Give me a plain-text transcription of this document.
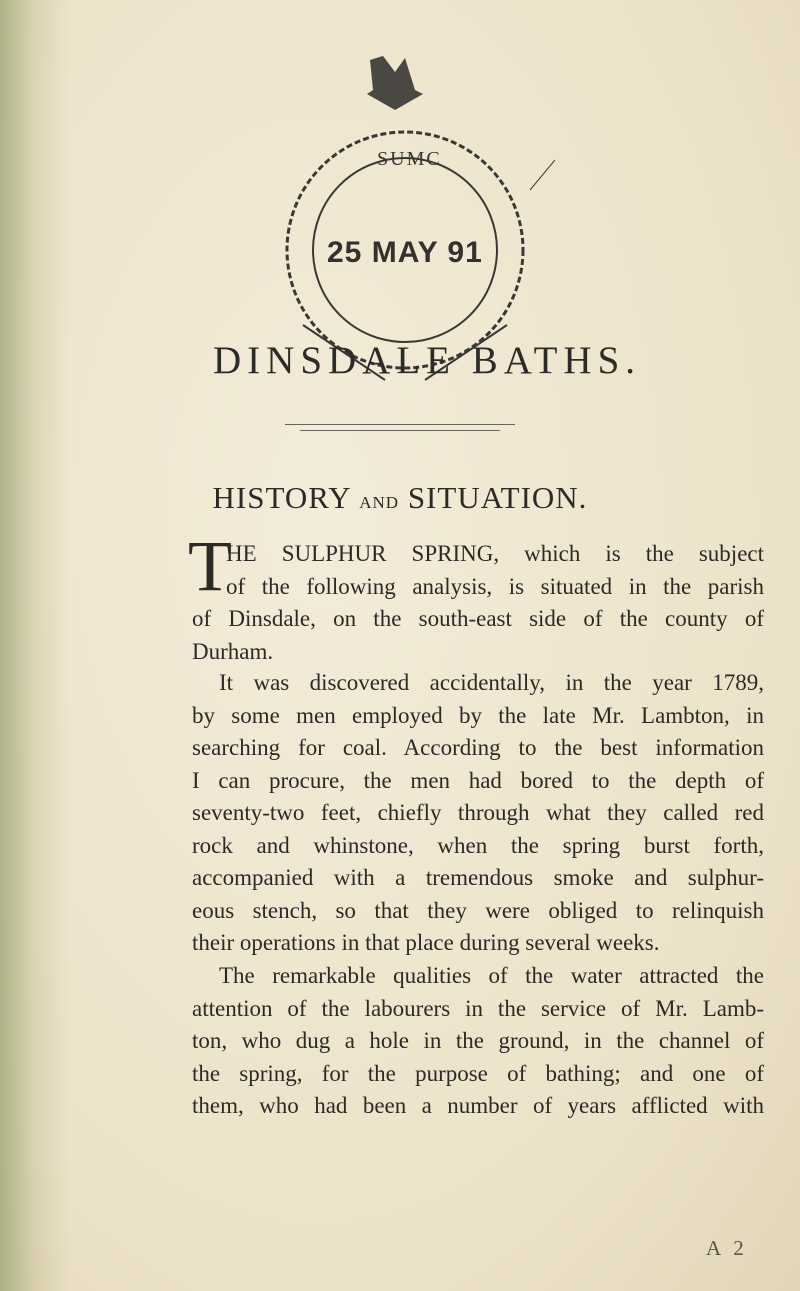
SUMC
25 MAY 91
DINSDALE BATHS.
HISTORY AND SITUATION.
T
HE SULPHUR SPRING, which is the subject
of the following analysis, is situated in the parish
of Dinsdale, on the south-east side of the county of
Durham.
It was discovered accidentally, in the year 1789,
by some men employed by the late Mr. Lambton, in
searching for coal. According to the best information
I can procure, the men had bored to the depth of
seventy-two feet, chiefly through what they called red
rock and whinstone, when the spring burst forth,
accompanied with a tremendous smoke and sulphur-
eous stench, so that they were obliged to relinquish
their operations in that place during several weeks.
The remarkable qualities of the water attracted the
attention of the labourers in the service of Mr. Lamb-
ton, who dug a hole in the ground, in the channel of
the spring, for the purpose of bathing; and one of
them, who had been a number of years afflicted with
A 2
